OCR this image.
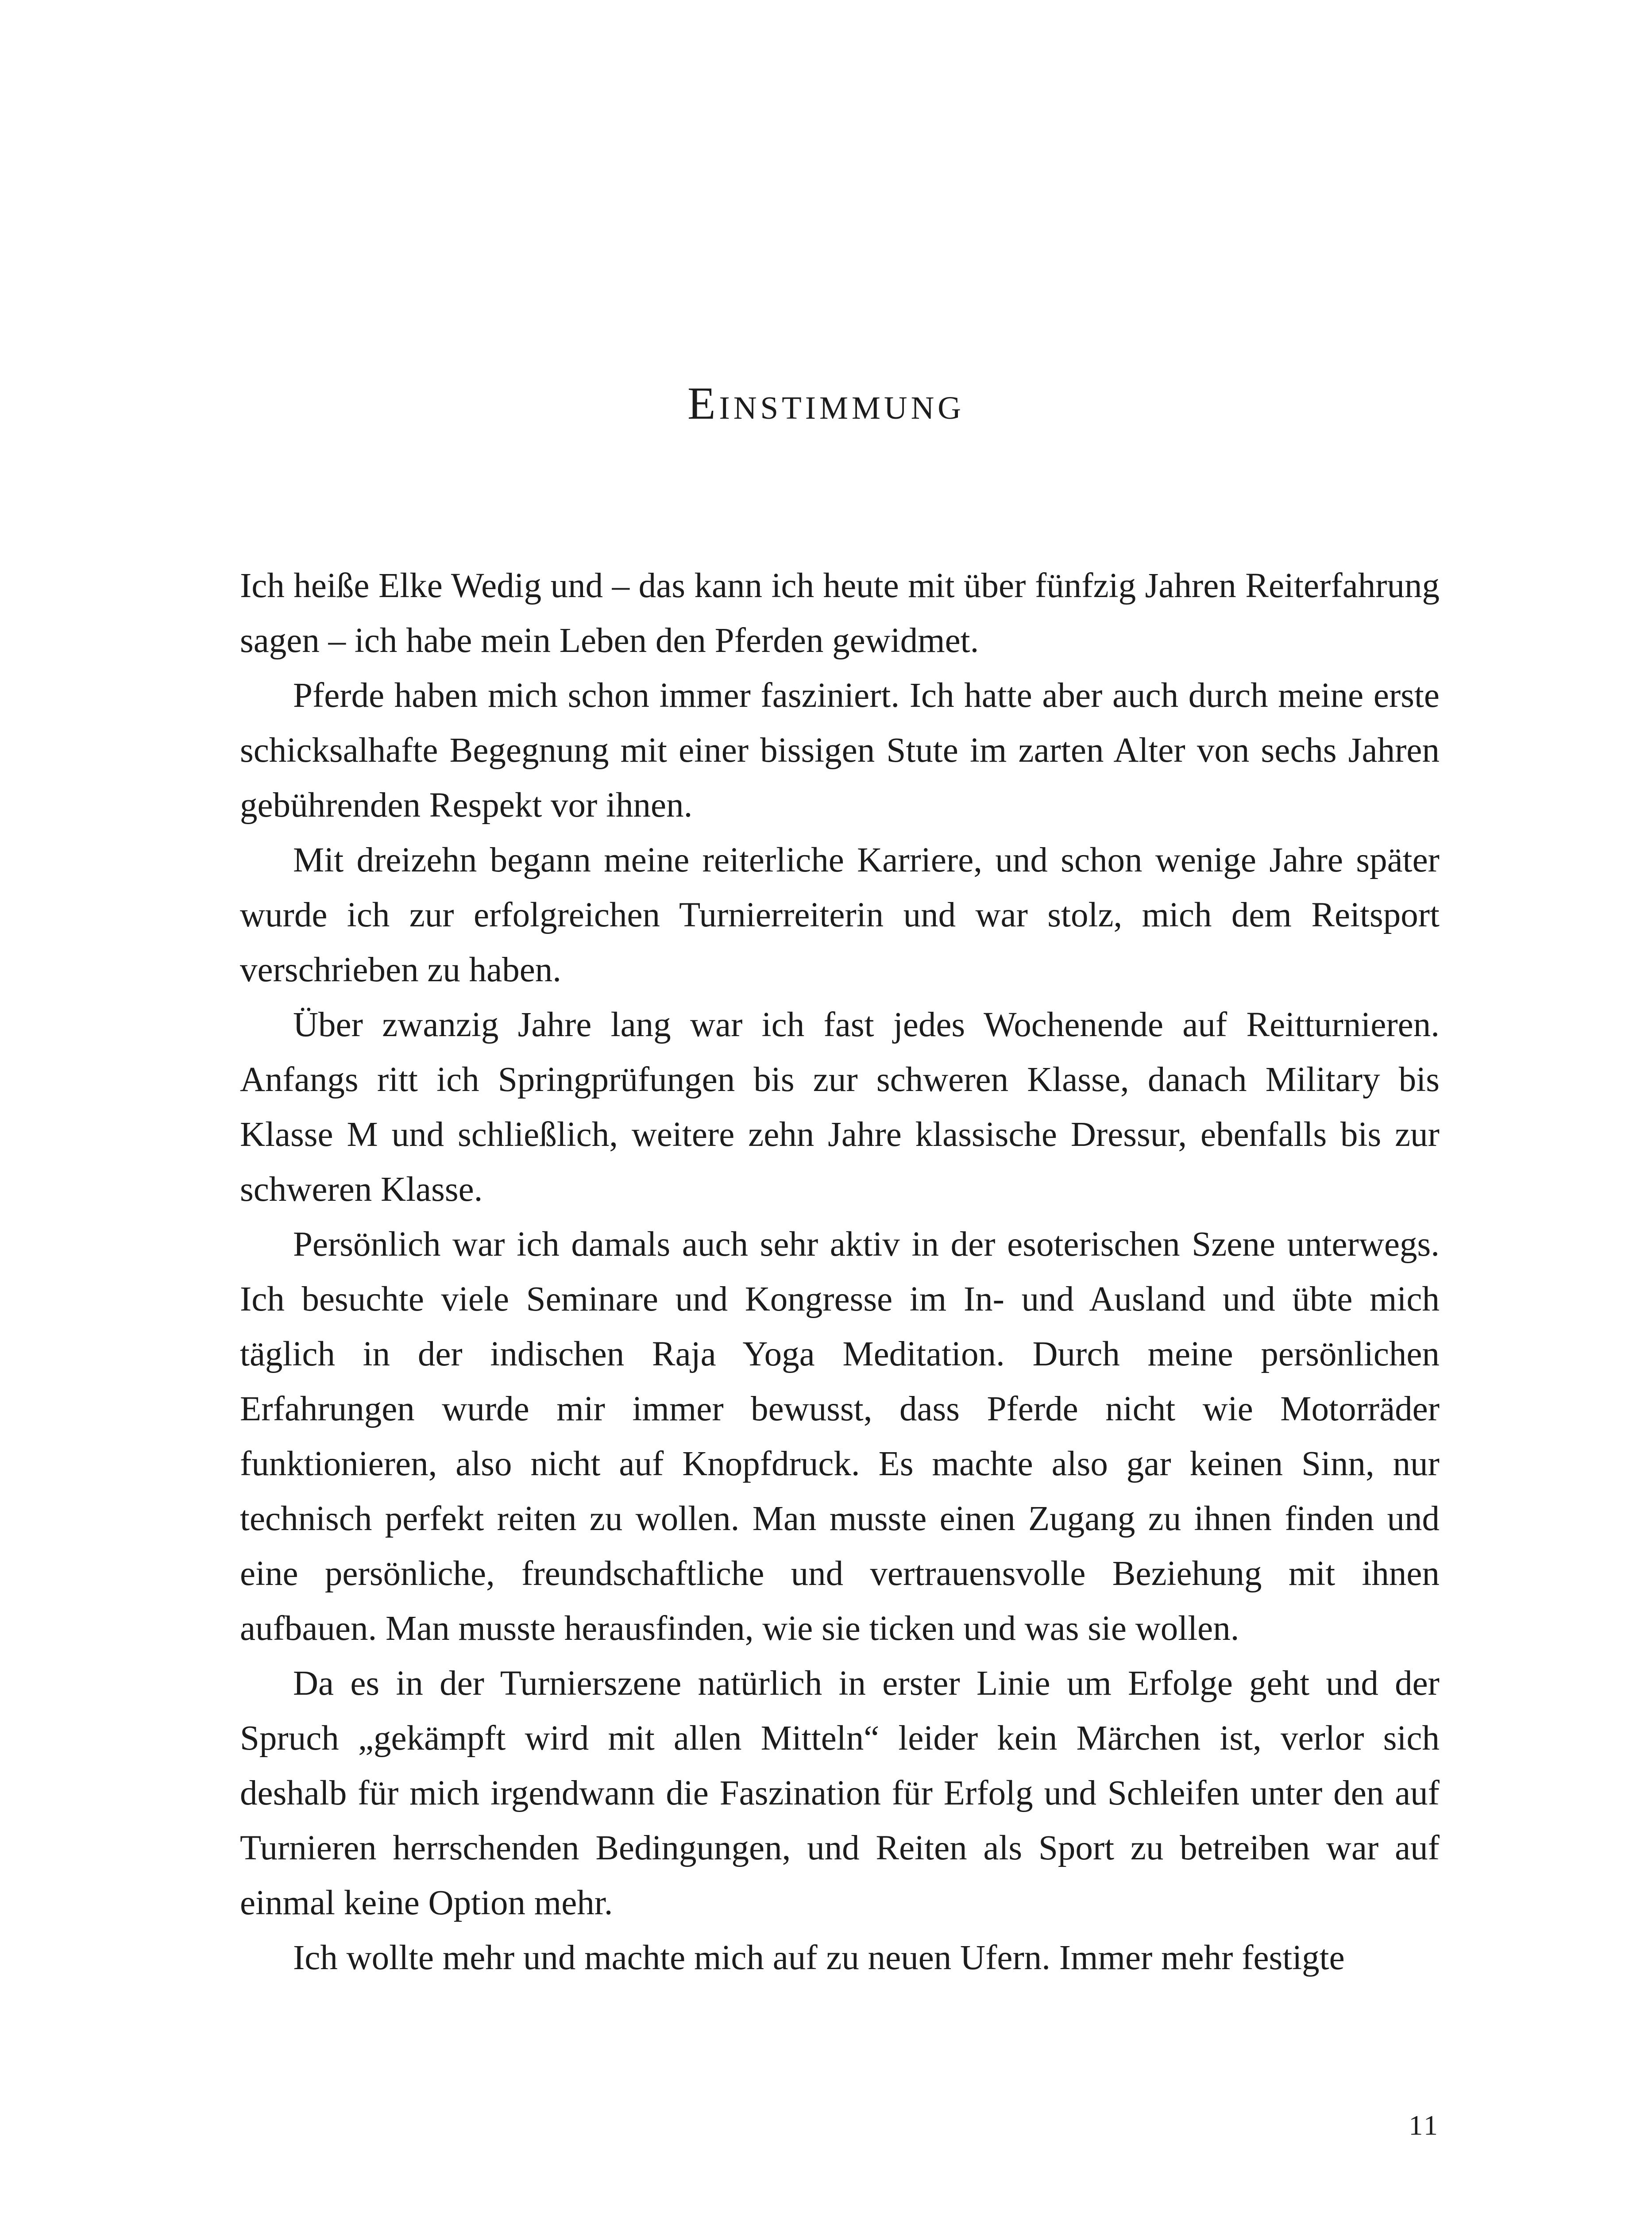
Einstimmung

Ich heiße Elke Wedig und – das kann ich heute mit über fünfzig Jahren Reiterfahrung sagen – ich habe mein Leben den Pferden gewidmet.

Pferde haben mich schon immer fasziniert. Ich hatte aber auch durch meine erste schicksalhafte Begegnung mit einer bissigen Stute im zarten Alter von sechs Jahren gebührenden Respekt vor ihnen.

Mit dreizehn begann meine reiterliche Karriere, und schon wenige Jahre später wurde ich zur erfolgreichen Turnierreiterin und war stolz, mich dem Reitsport verschrieben zu haben.

Über zwanzig Jahre lang war ich fast jedes Wochenende auf Reitturnieren. Anfangs ritt ich Springprüfungen bis zur schweren Klasse, danach Military bis Klasse M und schließlich, weitere zehn Jahre klassische Dressur, ebenfalls bis zur schweren Klasse.

Persönlich war ich damals auch sehr aktiv in der esoterischen Szene unterwegs. Ich besuchte viele Seminare und Kongresse im In- und Ausland und übte mich täglich in der indischen Raja Yoga Meditation. Durch meine persönlichen Erfahrungen wurde mir immer bewusst, dass Pferde nicht wie Motorräder funktionieren, also nicht auf Knopfdruck. Es machte also gar keinen Sinn, nur technisch perfekt reiten zu wollen. Man musste einen Zugang zu ihnen finden und eine persönliche, freundschaftliche und vertrauensvolle Beziehung mit ihnen aufbauen. Man musste herausfinden, wie sie ticken und was sie wollen.

Da es in der Turnierszene natürlich in erster Linie um Erfolge geht und der Spruch „gekämpft wird mit allen Mitteln“ leider kein Märchen ist, verlor sich deshalb für mich irgendwann die Faszination für Erfolg und Schleifen unter den auf Turnieren herrschenden Bedingungen, und Reiten als Sport zu betreiben war auf einmal keine Option mehr.

Ich wollte mehr und machte mich auf zu neuen Ufern. Immer mehr festigte

11
